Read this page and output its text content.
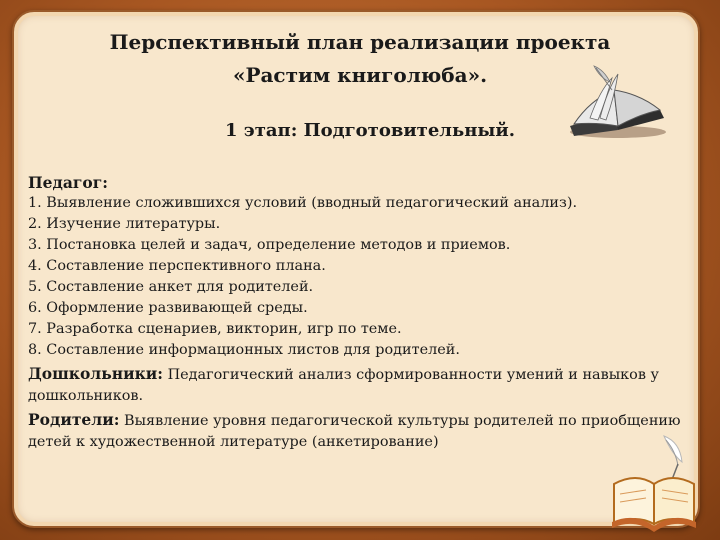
Перспективный план реализации проекта

«Растим книголюба».

1 этап: Подготовительный.

Педагог:
1. Выявление сложившихся условий (вводный педагогический анализ).
2. Изучение литературы.
3. Постановка целей и задач, определение методов и приемов.
4. Составление перспективного плана.
5. Составление анкет для родителей.
6. Оформление развивающей среды.
7. Разработка сценариев, викторин, игр по теме.
8. Составление информационных листов для родителей.
Дошкольники: Педагогический анализ сформированности умений и навыков у дошкольников.
Родители: Выявление уровня педагогической культуры родителей по приобщению детей к художественной литературе (анкетирование)
